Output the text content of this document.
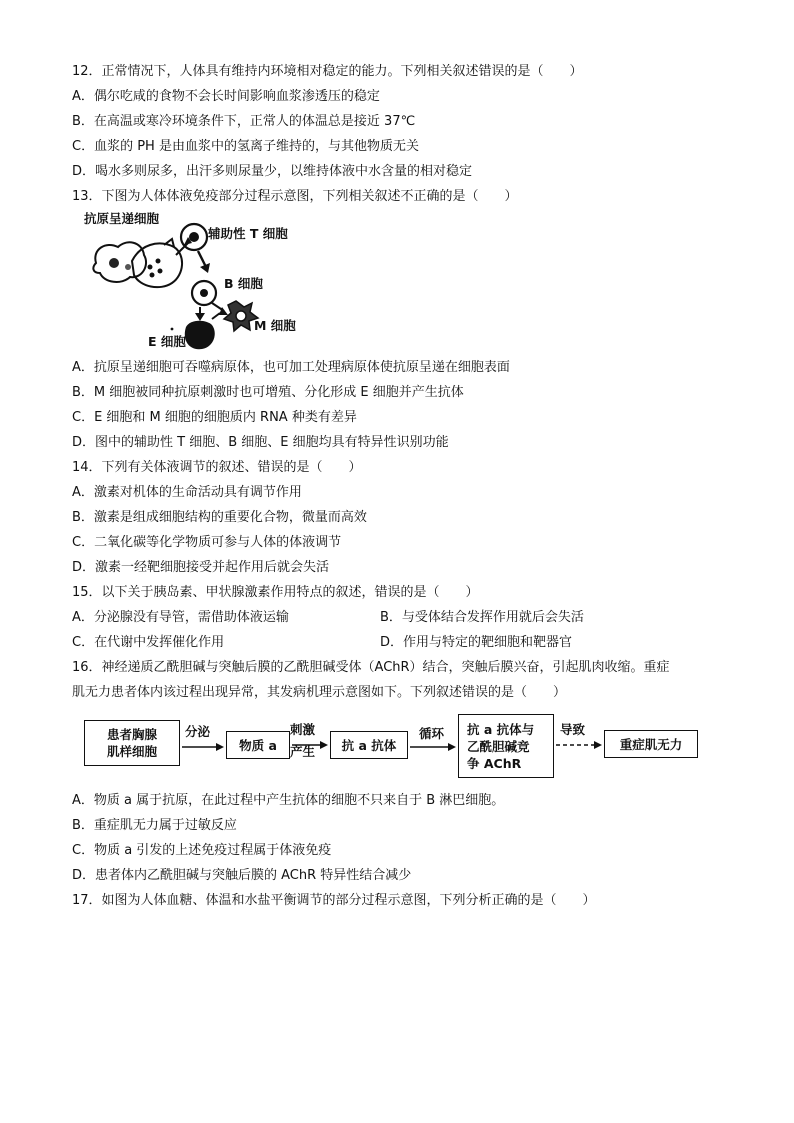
12．正常情况下，人体具有维持内环境相对稳定的能力。下列相关叙述错误的是（　　）
A．偶尔吃咸的食物不会长时间影响血浆渗透压的稳定
B．在高温或寒冷环境条件下，正常人的体温总是接近 37℃
C．血浆的 PH 是由血浆中的氢离子维持的，与其他物质无关
D．喝水多则尿多，出汗多则尿量少，以维持体液中水含量的相对稳定
13．下图为人体体液免疫部分过程示意图，下列相关叙述不正确的是（　　）
抗原呈递细胞
辅助性 T 细胞
B 细胞
M 细胞
E 细胞
A．抗原呈递细胞可吞噬病原体，也可加工处理病原体使抗原呈递在细胞表面
B．M 细胞被同种抗原刺激时也可增殖、分化形成 E 细胞并产生抗体
C．E 细胞和 M 细胞的细胞质内 RNA 种类有差异
D．图中的辅助性 T 细胞、B 细胞、E 细胞均具有特异性识别功能
14．下列有关体液调节的叙述、错误的是（　　）
A．激素对机体的生命活动具有调节作用
B．激素是组成细胞结构的重要化合物，微量而高效
C．二氧化碳等化学物质可参与人体的体液调节
D．激素一经靶细胞接受并起作用后就会失活
15．以下关于胰岛素、甲状腺激素作用特点的叙述，错误的是（　　）
A．分泌腺没有导管，需借助体液运输	B．与受体结合发挥作用就后会失活
C．在代谢中发挥催化作用	D．作用与特定的靶细胞和靶器官
16．神经递质乙酰胆碱与突触后膜的乙酰胆碱受体（AChR）结合，突触后膜兴奋，引起肌肉收缩。重症
肌无力患者体内该过程出现异常，其发病机理示意图如下。下列叙述错误的是（　　）
患者胸腺
肌样细胞
分泌
物质 a
刺激
产生	抗 a 抗体
循环 抗 a 抗体与
乙酰胆碱竞
争 AChR
导致
重症肌无力
A．物质 a 属于抗原，在此过程中产生抗体的细胞不只来自于 B 淋巴细胞。
B．重症肌无力属于过敏反应
C．物质 a 引发的上述免疫过程属于体液免疫
D．患者体内乙酰胆碱与突触后膜的 AChR 特异性结合减少
17．如图为人体血糖、体温和水盐平衡调节的部分过程示意图，下列分析正确的是（　　）
